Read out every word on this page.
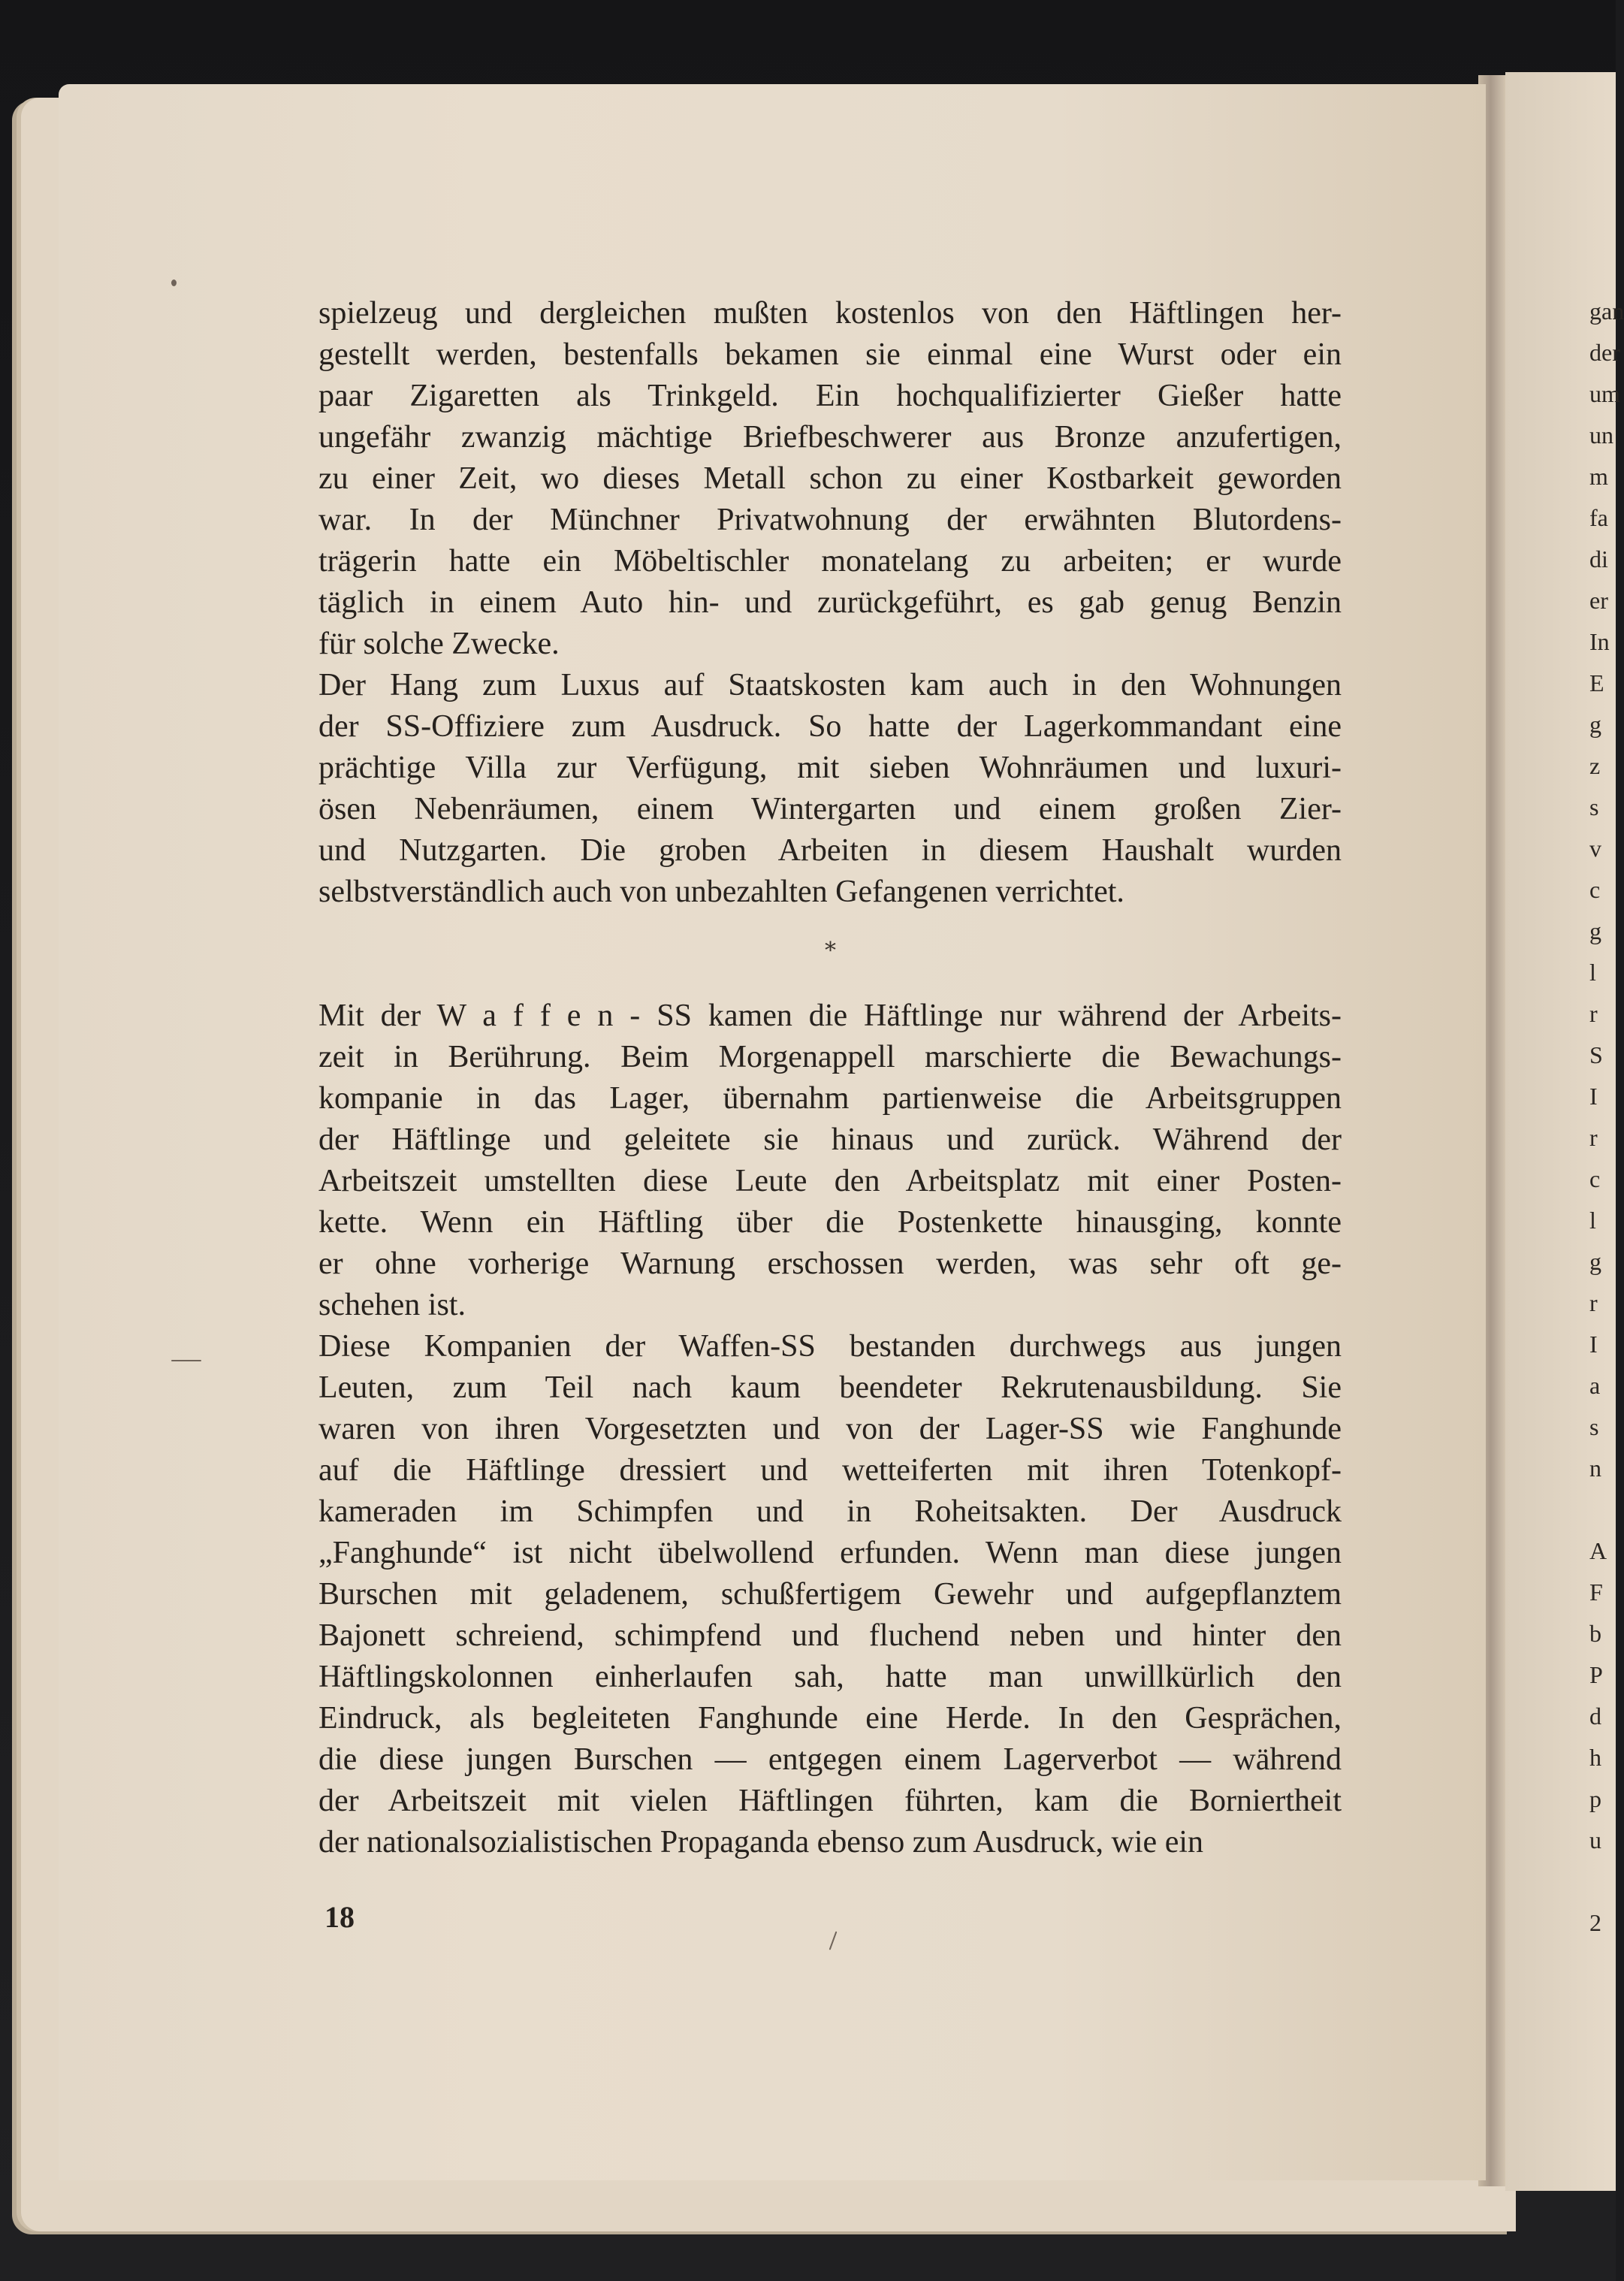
gan
der
um
un
m
fa
di
er
In
E
g
z
s
v
c
g
l
r
S
I
r
c
l
g
r
I
a
s
n
A
F
b
P
d
h
p
u
2
spielzeug und dergleichen mußten kostenlos von den Häftlingen her-
gestellt werden, bestenfalls bekamen sie einmal eine Wurst oder ein
paar Zigaretten als Trinkgeld. Ein hochqualifizierter Gießer hatte
ungefähr zwanzig mächtige Briefbeschwerer aus Bronze anzufertigen,
zu einer Zeit, wo dieses Metall schon zu einer Kostbarkeit geworden
war. In der Münchner Privatwohnung der erwähnten Blutordens-
trägerin hatte ein Möbeltischler monatelang zu arbeiten; er wurde
täglich in einem Auto hin- und zurückgeführt, es gab genug Benzin
für solche Zwecke.
Der Hang zum Luxus auf Staatskosten kam auch in den Wohnungen
der SS-Offiziere zum Ausdruck. So hatte der Lagerkommandant eine
prächtige Villa zur Verfügung, mit sieben Wohnräumen und luxuri-
ösen Nebenräumen, einem Wintergarten und einem großen Zier-
und Nutzgarten. Die groben Arbeiten in diesem Haushalt wurden
selbstverständlich auch von unbezahlten Gefangenen verrichtet.
Mit der W a f f e n - SS kamen die Häftlinge nur während der Arbeits-
zeit in Berührung. Beim Morgenappell marschierte die Bewachungs-
kompanie in das Lager, übernahm partienweise die Arbeitsgruppen
der Häftlinge und geleitete sie hinaus und zurück. Während der
Arbeitszeit umstellten diese Leute den Arbeitsplatz mit einer Posten-
kette. Wenn ein Häftling über die Postenkette hinausging, konnte
er ohne vorherige Warnung erschossen werden, was sehr oft ge-
schehen ist.
Diese Kompanien der Waffen-SS bestanden durchwegs aus jungen
Leuten, zum Teil nach kaum beendeter Rekrutenausbildung. Sie
waren von ihren Vorgesetzten und von der Lager-SS wie Fanghunde
auf die Häftlinge dressiert und wetteiferten mit ihren Totenkopf-
kameraden im Schimpfen und in Roheitsakten. Der Ausdruck
„Fanghunde“ ist nicht übelwollend erfunden. Wenn man diese jungen
Burschen mit geladenem, schußfertigem Gewehr und aufgepflanztem
Bajonett schreiend, schimpfend und fluchend neben und hinter den
Häftlingskolonnen einherlaufen sah, hatte man unwillkürlich den
Eindruck, als begleiteten Fanghunde eine Herde. In den Gesprächen,
die diese jungen Burschen — entgegen einem Lagerverbot — während
der Arbeitszeit mit vielen Häftlingen führten, kam die Borniertheit
der nationalsozialistischen Propaganda ebenso zum Ausdruck, wie ein
*
18
